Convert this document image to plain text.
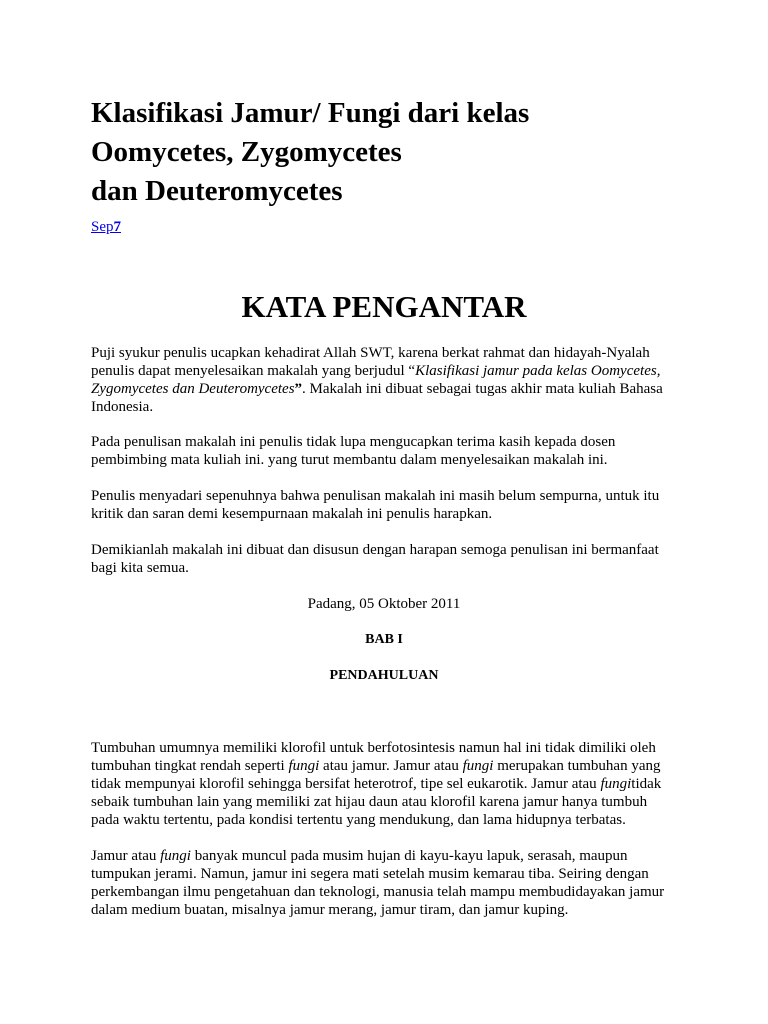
Klasifikasi Jamur/ Fungi dari kelas
Oomycetes, Zygomycetes
dan Deuteromycetes
Sep7
KATA PENGANTAR
Puji syukur penulis ucapkan kehadirat Allah SWT, karena berkat rahmat dan hidayah-Nyalah
penulis dapat menyelesaikan makalah yang berjudul “Klasifikasi jamur pada kelas Oomycetes,
Zygomycetes dan Deuteromycetes”. Makalah ini dibuat sebagai tugas akhir mata kuliah Bahasa
Indonesia.
Pada penulisan makalah ini penulis tidak lupa mengucapkan terima kasih kepada dosen
pembimbing mata kuliah ini. yang turut membantu dalam menyelesaikan makalah ini.
Penulis menyadari sepenuhnya bahwa penulisan makalah ini masih belum sempurna, untuk itu
kritik dan saran demi kesempurnaan makalah ini penulis harapkan.
Demikianlah makalah ini dibuat dan disusun dengan harapan semoga penulisan ini bermanfaat
bagi kita semua.

Padang, 05 Oktober 2011

BAB I

PENDAHULUAN

Tumbuhan umumnya memiliki klorofil untuk berfotosintesis namun hal ini tidak dimiliki oleh
tumbuhan tingkat rendah seperti fungi atau jamur. Jamur atau fungi merupakan tumbuhan yang
tidak mempunyai klorofil sehingga bersifat heterotrof, tipe sel eukarotik. Jamur atau fungitidak
sebaik tumbuhan lain yang memiliki zat hijau daun atau klorofil karena jamur hanya tumbuh
pada waktu tertentu, pada kondisi tertentu yang mendukung, dan lama hidupnya terbatas.
Jamur atau fungi banyak muncul pada musim hujan di kayu-kayu lapuk, serasah, maupun
tumpukan jerami. Namun, jamur ini segera mati setelah musim kemarau tiba. Seiring dengan
perkembangan ilmu pengetahuan dan teknologi, manusia telah mampu membudidayakan jamur
dalam medium buatan, misalnya jamur merang, jamur tiram, dan jamur kuping.
